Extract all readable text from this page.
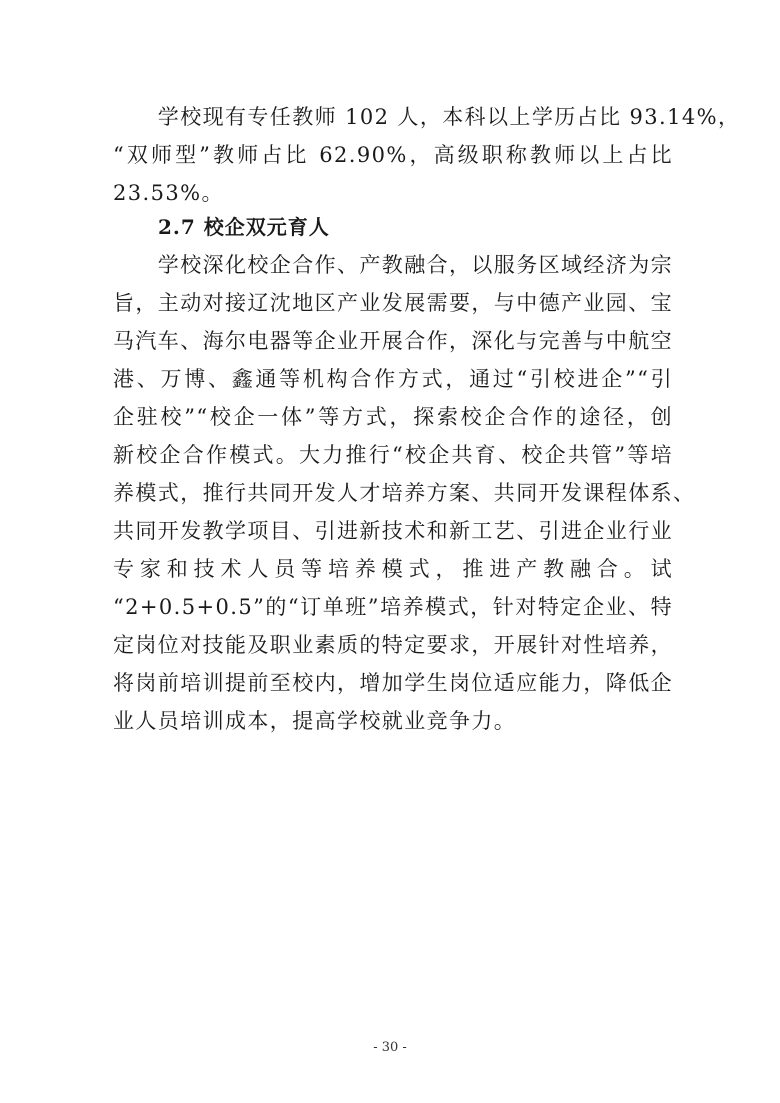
　　学校现有专任教师 102 人，本科以上学历占比 93.14%，
“双师型”教师占比 62.90%，高级职称教师以上占比
23.53%。
2.7 校企双元育人
　　学校深化校企合作、产教融合，以服务区域经济为宗
旨，主动对接辽沈地区产业发展需要，与中德产业园、宝
马汽车、海尔电器等企业开展合作，深化与完善与中航空
港、万博、鑫通等机构合作方式，通过“引校进企”“引
企驻校”“校企一体”等方式，探索校企合作的途径，创
新校企合作模式。大力推行“校企共育、校企共管”等培
养模式，推行共同开发人才培养方案、共同开发课程体系、
共同开发教学项目、引进新技术和新工艺、引进企业行业
专家和技术人员等培养模式，推进产教融合。试
“2+0.5+0.5”的“订单班”培养模式，针对特定企业、特
定岗位对技能及职业素质的特定要求，开展针对性培养，
将岗前培训提前至校内，增加学生岗位适应能力，降低企
业人员培训成本，提高学校就业竞争力。
- 30 -
